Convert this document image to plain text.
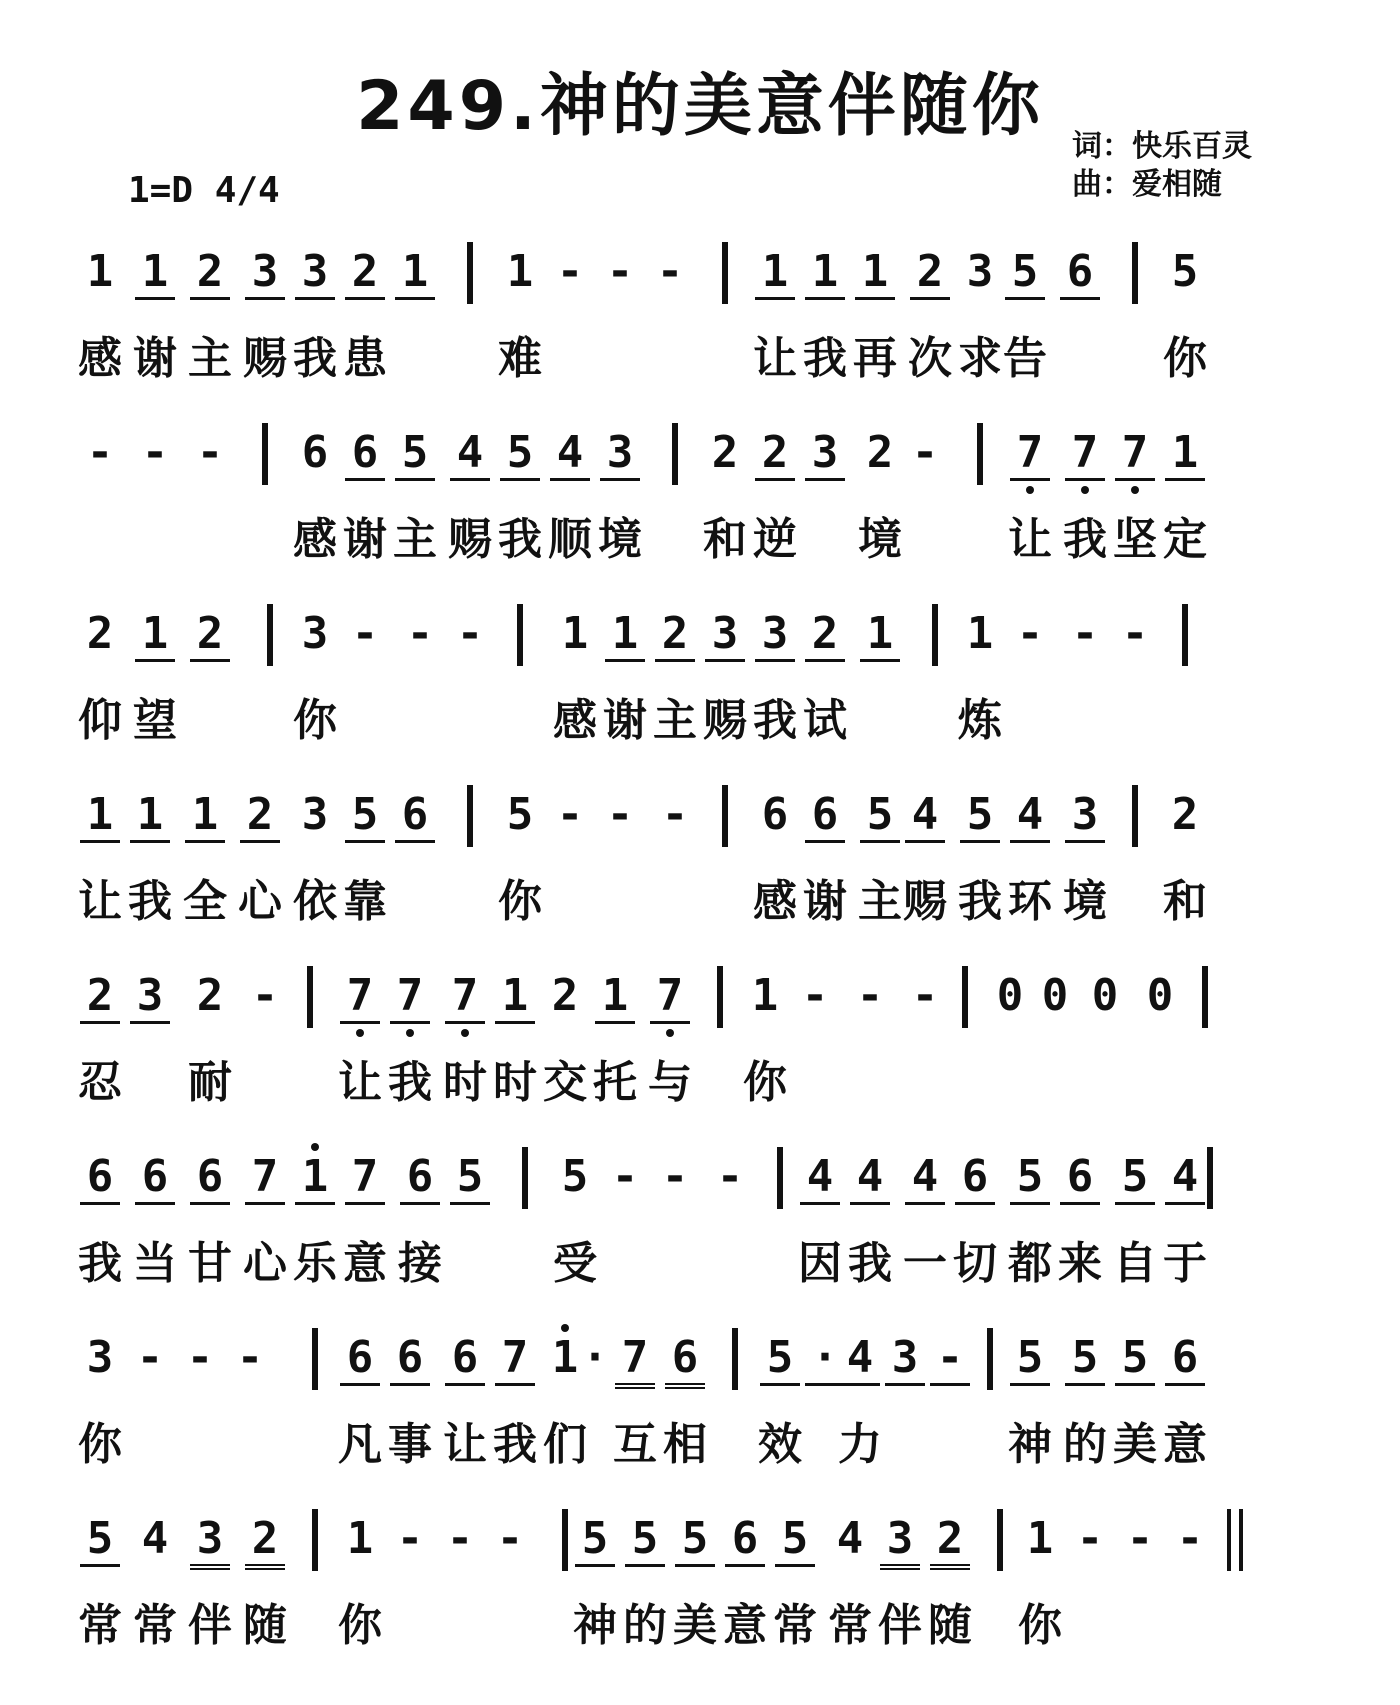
249.神的美意伴随你
1=D 4/4
词：快乐百灵
曲：爱相随
1 1 2 3 3 2 1 1 - - - 1 1 1 2 3 5 6 5
感 谢 主 赐 我 患	难	让 我 再 次 求 告	你
- - - 6 6 5 4 5 4 3 2 2 3 2 - 7 7 7 1
感 谢 主 赐 我 顺 境 和 逆 境 让 我 坚 定
2 1 2 3 - - - 1 1 2 3 3 2 1 1 - - -
仰 望	你	感 谢 主 赐 我 试	炼
1 1 1 2 3 5 6 5 - - - 6 6 5 4 5 4 3 2
让 我 全 心 依 靠	你	感 谢 主 赐 我 环 境 和
2 3 2 - 7 7 7 1 2 1 7 1 - - - 0 0 0 0
忍 耐 让 我 时 时 交 托 与 你
6 6 6 7 1 7 6 5 5 - - - 4 4 4 6 5 6 5 4
我 当 甘 心 乐 意 接	受	因 我 一 切 都 来 自 于
3 - - - 6 6 6 7 1 · 7 6 5 · 4 3 - 5 5 5 6
你	凡 事 让 我 们 互 相 效 力	神 的 美 意
5 4 3 2 1 - - - 5 5 5 6 5 4 3 2 1 - - -
常 常 伴 随 你	神 的 美 意 常 常 伴 随 你
